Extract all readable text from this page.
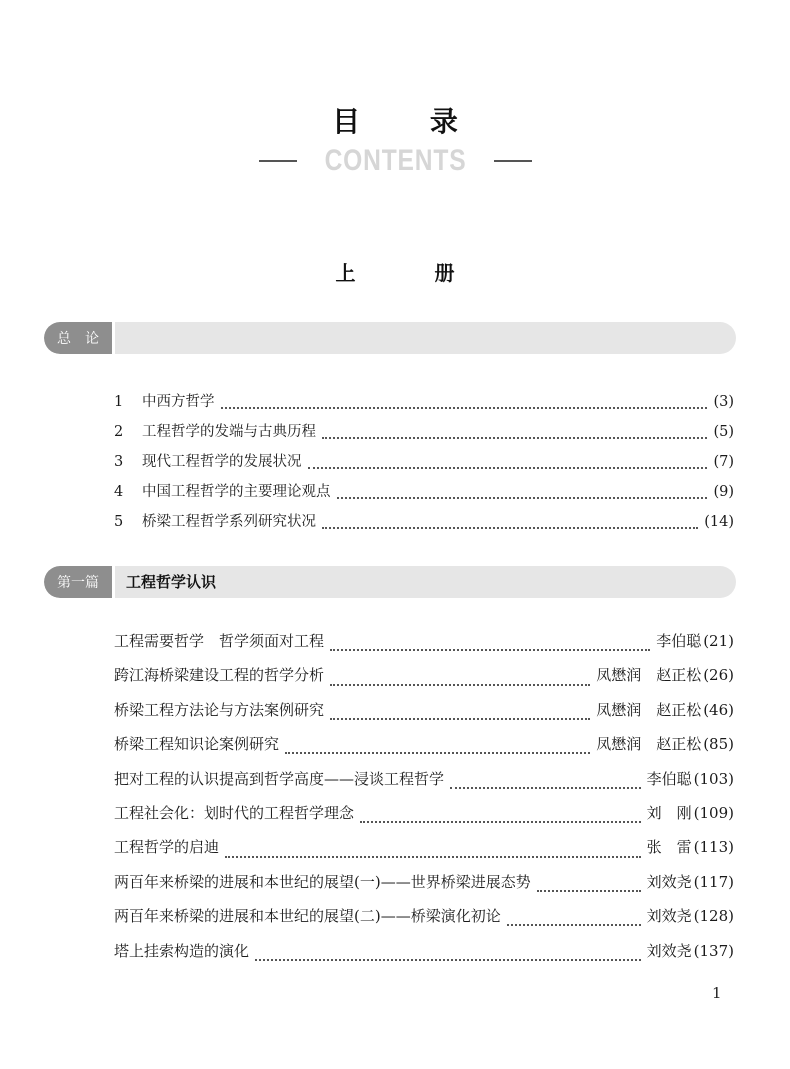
目 录
CONTENTS
上 册
总　论
1	中西方哲学	(3)
2	工程哲学的发端与古典历程	(5)
3	现代工程哲学的发展状况	(7)
4	中国工程哲学的主要理论观点	(9)
5	桥梁工程哲学系列研究状况	(14)
第一篇	工程哲学认识
工程需要哲学　哲学须面对工程	李伯聪 (21)
跨江海桥梁建设工程的哲学分析	凤懋润　赵正松 (26)
桥梁工程方法论与方法案例研究	凤懋润　赵正松 (46)
桥梁工程知识论案例研究	凤懋润　赵正松 (85)
把对工程的认识提高到哲学高度——浸谈工程哲学	李伯聪 (103)
工程社会化：划时代的工程哲学理念	刘　刚 (109)
工程哲学的启迪	张　雷 (113)
两百年来桥梁的进展和本世纪的展望(一)——世界桥梁进展态势	刘效尧 (117)
两百年来桥梁的进展和本世纪的展望(二)——桥梁演化初论	刘效尧 (128)
塔上挂索构造的演化	刘效尧 (137)
1
